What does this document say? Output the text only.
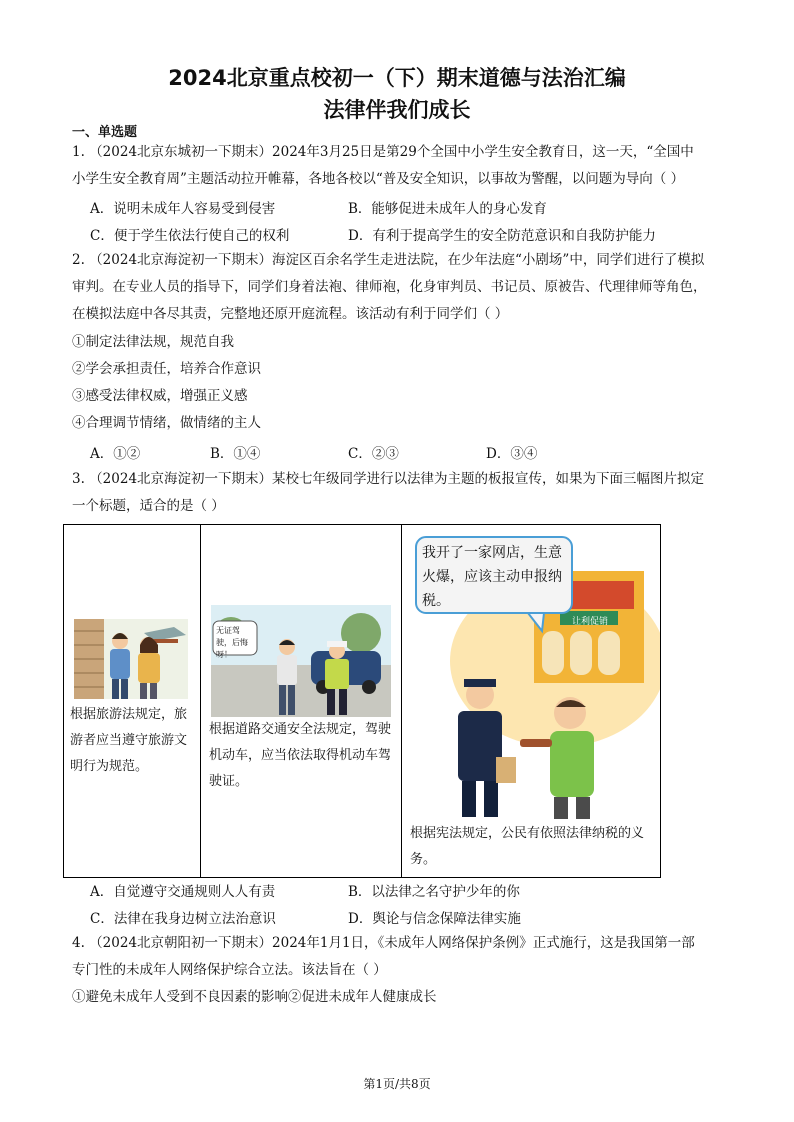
2024北京重点校初一（下）期末道德与法治汇编
法律伴我们成长
一、单选题
1. （2024北京东城初一下期末）2024年3月25日是第29个全国中小学生安全教育日，这一天，“全国中
小学生安全教育周”主题活动拉开帷幕，各地各校以“普及安全知识，以事故为警醒，以问题为导向（ ）
A．说明未成年人容易受到侵害	B．能够促进未成年人的身心发育
C．便于学生依法行使自己的权利	D．有利于提高学生的安全防范意识和自我防护能力
2. （2024北京海淀初一下期末）海淀区百余名学生走进法院，在少年法庭“小剧场”中，同学们进行了模拟
审判。在专业人员的指导下，同学们身着法袍、律师袍，化身审判员、书记员、原被告、代理律师等角色，
在模拟法庭中各尽其责，完整地还原开庭流程。该活动有利于同学们（ ）
①制定法律法规，规范自我
②学会承担责任，培养合作意识
③感受法律权威，增强正义感
④合理调节情绪，做情绪的主人
A．①②	B．①④	C．②③	D．③④
3. （2024北京海淀初一下期末）某校七年级同学进行以法律为主题的板报宣传，如果为下面三幅图片拟定
一个标题，适合的是（ ）
根据旅游法规定，旅游者应当遵守旅游文明行为规范。

无证驾驶，后悔呀！
根据道路交通安全法规定，驾驶机动车，应当依法取得机动车驾驶证。

我开了一家网店，生意火爆，应该主动申报纳税。
让利促销
根据宪法规定，公民有依照法律纳税的义务。
A．自觉遵守交通规则人人有责	B．以法律之名守护少年的你
C．法律在我身边树立法治意识	D．舆论与信念保障法律实施
4. （2024北京朝阳初一下期末）2024年1月1日，《未成年人网络保护条例》正式施行，这是我国第一部
专门性的未成年人网络保护综合立法。该法旨在（ ）
①避免未成年人受到不良因素的影响②促进未成年人健康成长
第1页/共8页
